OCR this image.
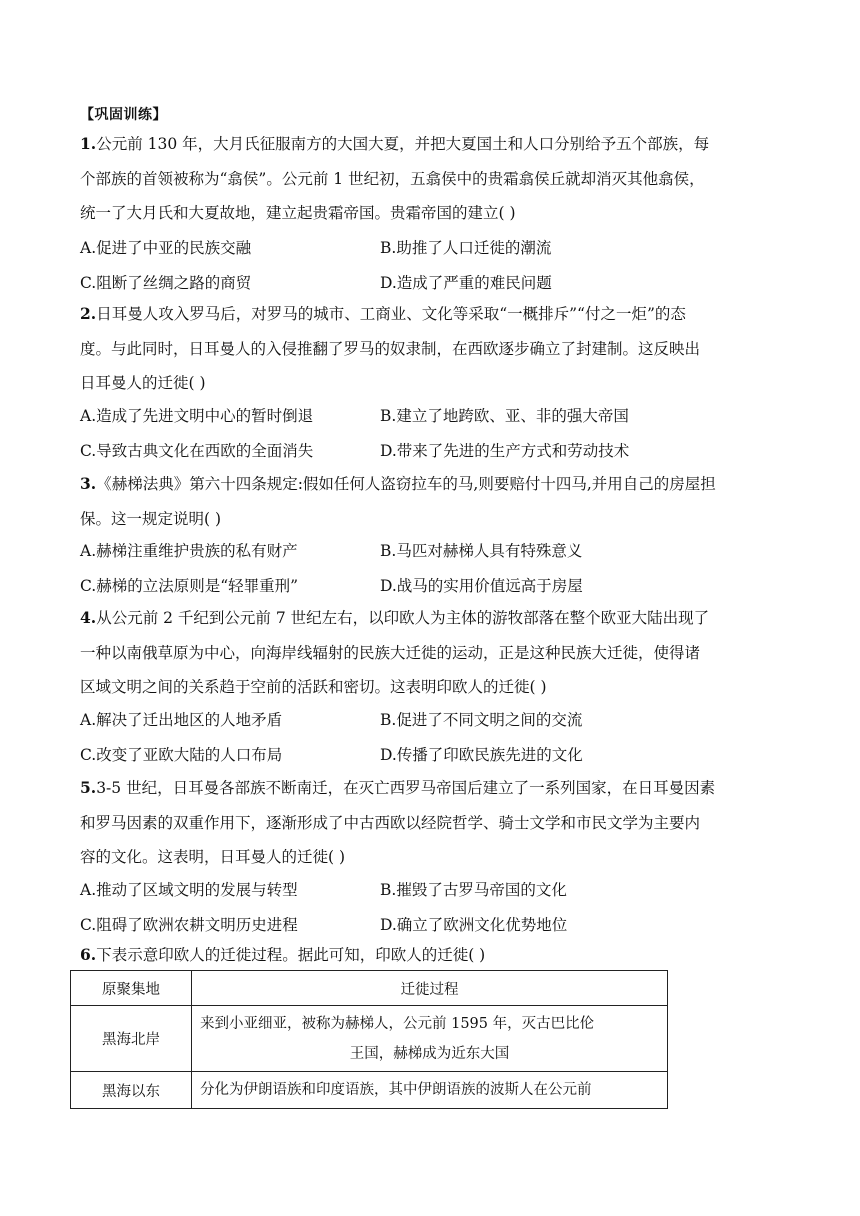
【巩固训练】
1.公元前 130 年，大月氏征服南方的大国大夏，并把大夏国土和人口分别给予五个部族，每
个部族的首领被称为“翕侯”。公元前 1 世纪初，五翕侯中的贵霜翕侯丘就却消灭其他翕侯，
统一了大月氏和大夏故地，建立起贵霜帝国。贵霜帝国的建立( )
A.促进了中亚的民族交融	B.助推了人口迁徙的潮流
C.阻断了丝绸之路的商贸	D.造成了严重的难民问题
2.日耳曼人攻入罗马后，对罗马的城市、工商业、文化等采取“一概排斥”“付之一炬”的态
度。与此同时，日耳曼人的入侵推翻了罗马的奴隶制，在西欧逐步确立了封建制。这反映出
日耳曼人的迁徙( )
A.造成了先进文明中心的暂时倒退	B.建立了地跨欧、亚、非的强大帝国
C.导致古典文化在西欧的全面消失	D.带来了先进的生产方式和劳动技术
3.《赫梯法典》第六十四条规定:假如任何人盗窃拉车的马,则要赔付十四马,并用自己的房屋担
保。这一规定说明( )
A.赫梯注重维护贵族的私有财产	B.马匹对赫梯人具有特殊意义
C.赫梯的立法原则是“轻罪重刑”	D.战马的实用价值远高于房屋
4.从公元前 2 千纪到公元前 7 世纪左右，以印欧人为主体的游牧部落在整个欧亚大陆出现了
一种以南俄草原为中心，向海岸线辐射的民族大迁徙的运动，正是这种民族大迁徙，使得诸
区域文明之间的关系趋于空前的活跃和密切。这表明印欧人的迁徙( )
A.解决了迁出地区的人地矛盾	B.促进了不同文明之间的交流
C.改变了亚欧大陆的人口布局	D.传播了印欧民族先进的文化
5.3-5 世纪，日耳曼各部族不断南迁，在灭亡西罗马帝国后建立了一系列国家，在日耳曼因素
和罗马因素的双重作用下，逐渐形成了中古西欧以经院哲学、骑士文学和市民文学为主要内
容的文化。这表明，日耳曼人的迁徙( )
A.推动了区域文明的发展与转型	B.摧毁了古罗马帝国的文化
C.阻碍了欧洲农耕文明历史进程	D.确立了欧洲文化优势地位
6.下表示意印欧人的迁徙过程。据此可知，印欧人的迁徙( )
原聚集地	迁徙过程
黑海北岸	来到小亚细亚，被称为赫梯人，公元前 1595 年，灭古巴比伦
王国，赫梯成为近东大国

黑海以东	分化为伊朗语族和印度语族，其中伊朗语族的波斯人在公元前
